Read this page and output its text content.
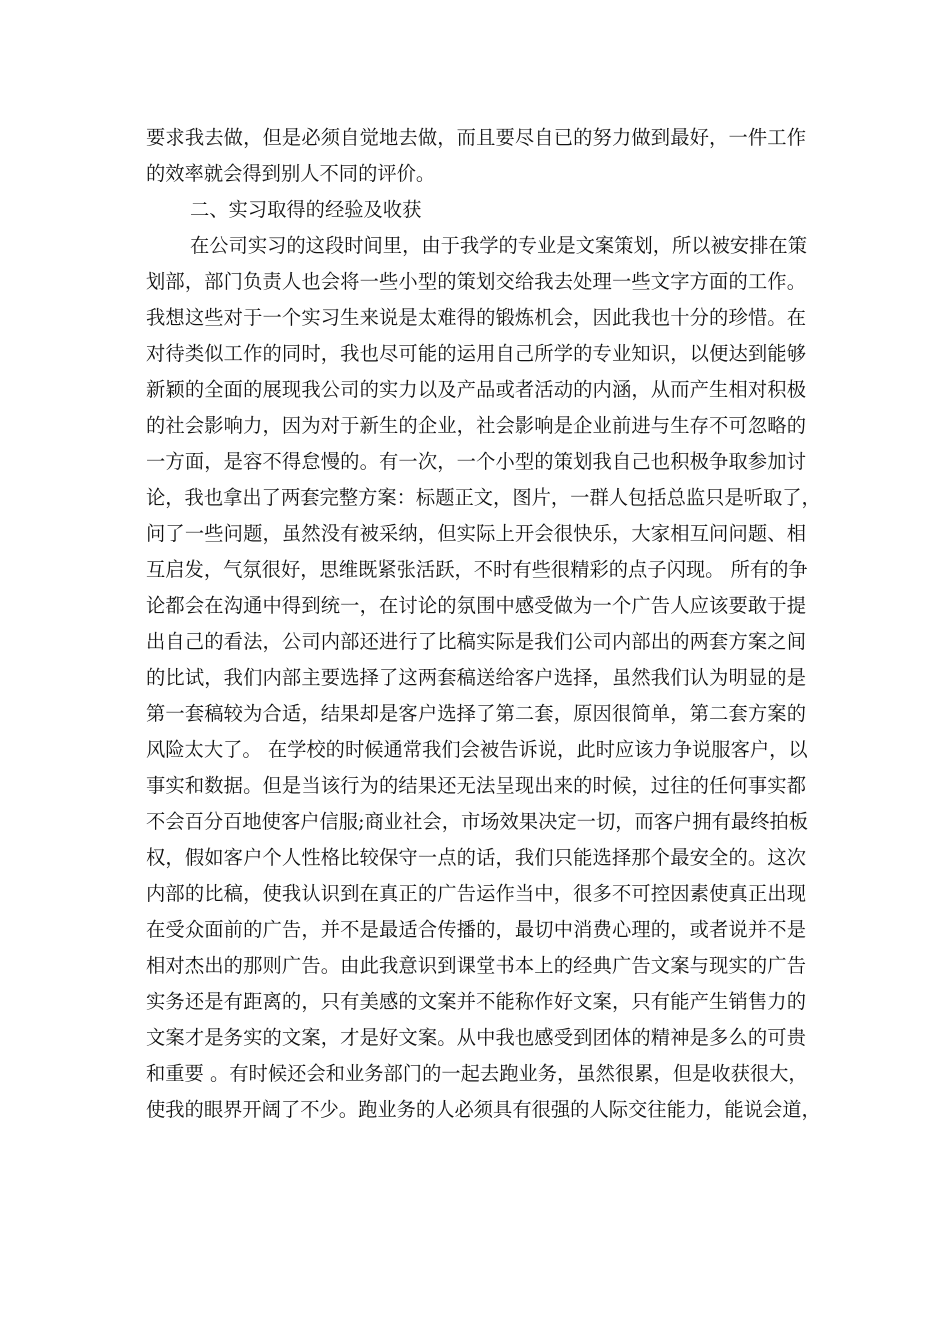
要求我去做，但是必须自觉地去做，而且要尽自已的努力做到最好，一件工作
的效率就会得到别人不同的评价。
二、实习取得的经验及收获
在公司实习的这段时间里，由于我学的专业是文案策划，所以被安排在策
划部，部门负责人也会将一些小型的策划交给我去处理一些文字方面的工作。
我想这些对于一个实习生来说是太难得的锻炼机会，因此我也十分的珍惜。在
对待类似工作的同时，我也尽可能的运用自己所学的专业知识，以便达到能够
新颖的全面的展现我公司的实力以及产品或者活动的内涵，从而产生相对积极
的社会影响力，因为对于新生的企业，社会影响是企业前进与生存不可忽略的
一方面，是容不得怠慢的。有一次，一个小型的策划我自己也积极争取参加讨
论，我也拿出了两套完整方案：标题正文，图片，一群人包括总监只是听取了，
问了一些问题，虽然没有被采纳，但实际上开会很快乐，大家相互问问题、相
互启发，气氛很好，思维既紧张活跃，不时有些很精彩的点子闪现。 所有的争
论都会在沟通中得到统一，在讨论的氛围中感受做为一个广告人应该要敢于提
出自己的看法，公司内部还进行了比稿实际是我们公司内部出的两套方案之间
的比试，我们内部主要选择了这两套稿送给客户选择，虽然我们认为明显的是
第一套稿较为合适，结果却是客户选择了第二套，原因很简单，第二套方案的
风险太大了。 在学校的时候通常我们会被告诉说，此时应该力争说服客户，以
事实和数据。但是当该行为的结果还无法呈现出来的时候，过往的任何事实都
不会百分百地使客户信服;商业社会，市场效果决定一切，而客户拥有最终拍板
权，假如客户个人性格比较保守一点的话，我们只能选择那个最安全的。这次
内部的比稿，使我认识到在真正的广告运作当中，很多不可控因素使真正出现
在受众面前的广告，并不是最适合传播的，最切中消费心理的，或者说并不是
相对杰出的那则广告。由此我意识到课堂书本上的经典广告文案与现实的广告
实务还是有距离的，只有美感的文案并不能称作好文案，只有能产生销售力的
文案才是务实的文案，才是好文案。从中我也感受到团体的精神是多么的可贵
和重要 。有时候还会和业务部门的一起去跑业务，虽然很累，但是收获很大，
使我的眼界开阔了不少。跑业务的人必须具有很强的人际交往能力，能说会道，
